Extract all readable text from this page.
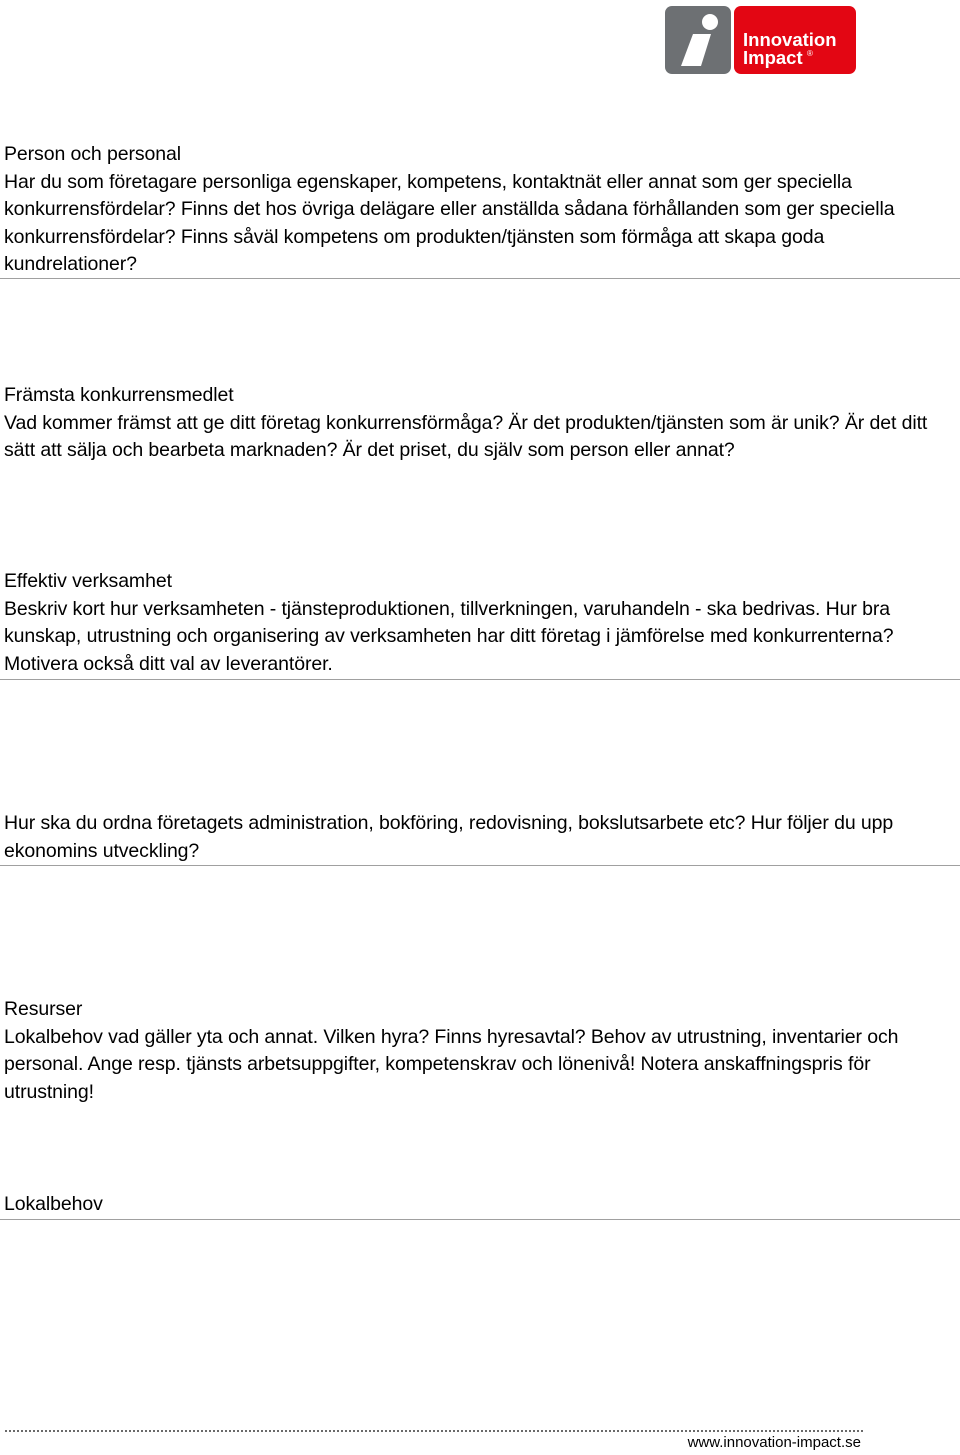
Innovation
Impact ®

Person och personal

Har du som företagare personliga egenskaper, kompetens, kontaktnät eller annat som ger speciella konkurrensfördelar? Finns det hos övriga delägare eller anställda sådana förhållanden som ger speciella konkurrensfördelar? Finns såväl kompetens om produkten/tjänsten som förmåga att skapa goda kundrelationer?

Främsta konkurrensmedlet

Vad kommer främst att ge ditt företag konkurrensförmåga? Är det produkten/tjänsten som är unik? Är det ditt sätt att sälja och bearbeta marknaden? Är det priset, du själv som person eller annat?

Effektiv verksamhet

Beskriv kort hur verksamheten - tjänsteproduktionen, tillverkningen, varuhandeln - ska bedrivas. Hur bra kunskap, utrustning och organisering av verksamheten har ditt företag i jämförelse med konkurrenterna? Motivera också ditt val av leverantörer.

Hur ska du ordna företagets administration, bokföring, redovisning, bokslutsarbete etc? Hur följer du upp ekonomins utveckling?

Resurser

Lokalbehov vad gäller yta och annat. Vilken hyra? Finns hyresavtal? Behov av utrustning, inventarier och personal. Ange resp. tjänsts arbetsuppgifter, kompetenskrav och lönenivå! Notera anskaffningspris för utrustning!

Lokalbehov

www.innovation-impact.se
